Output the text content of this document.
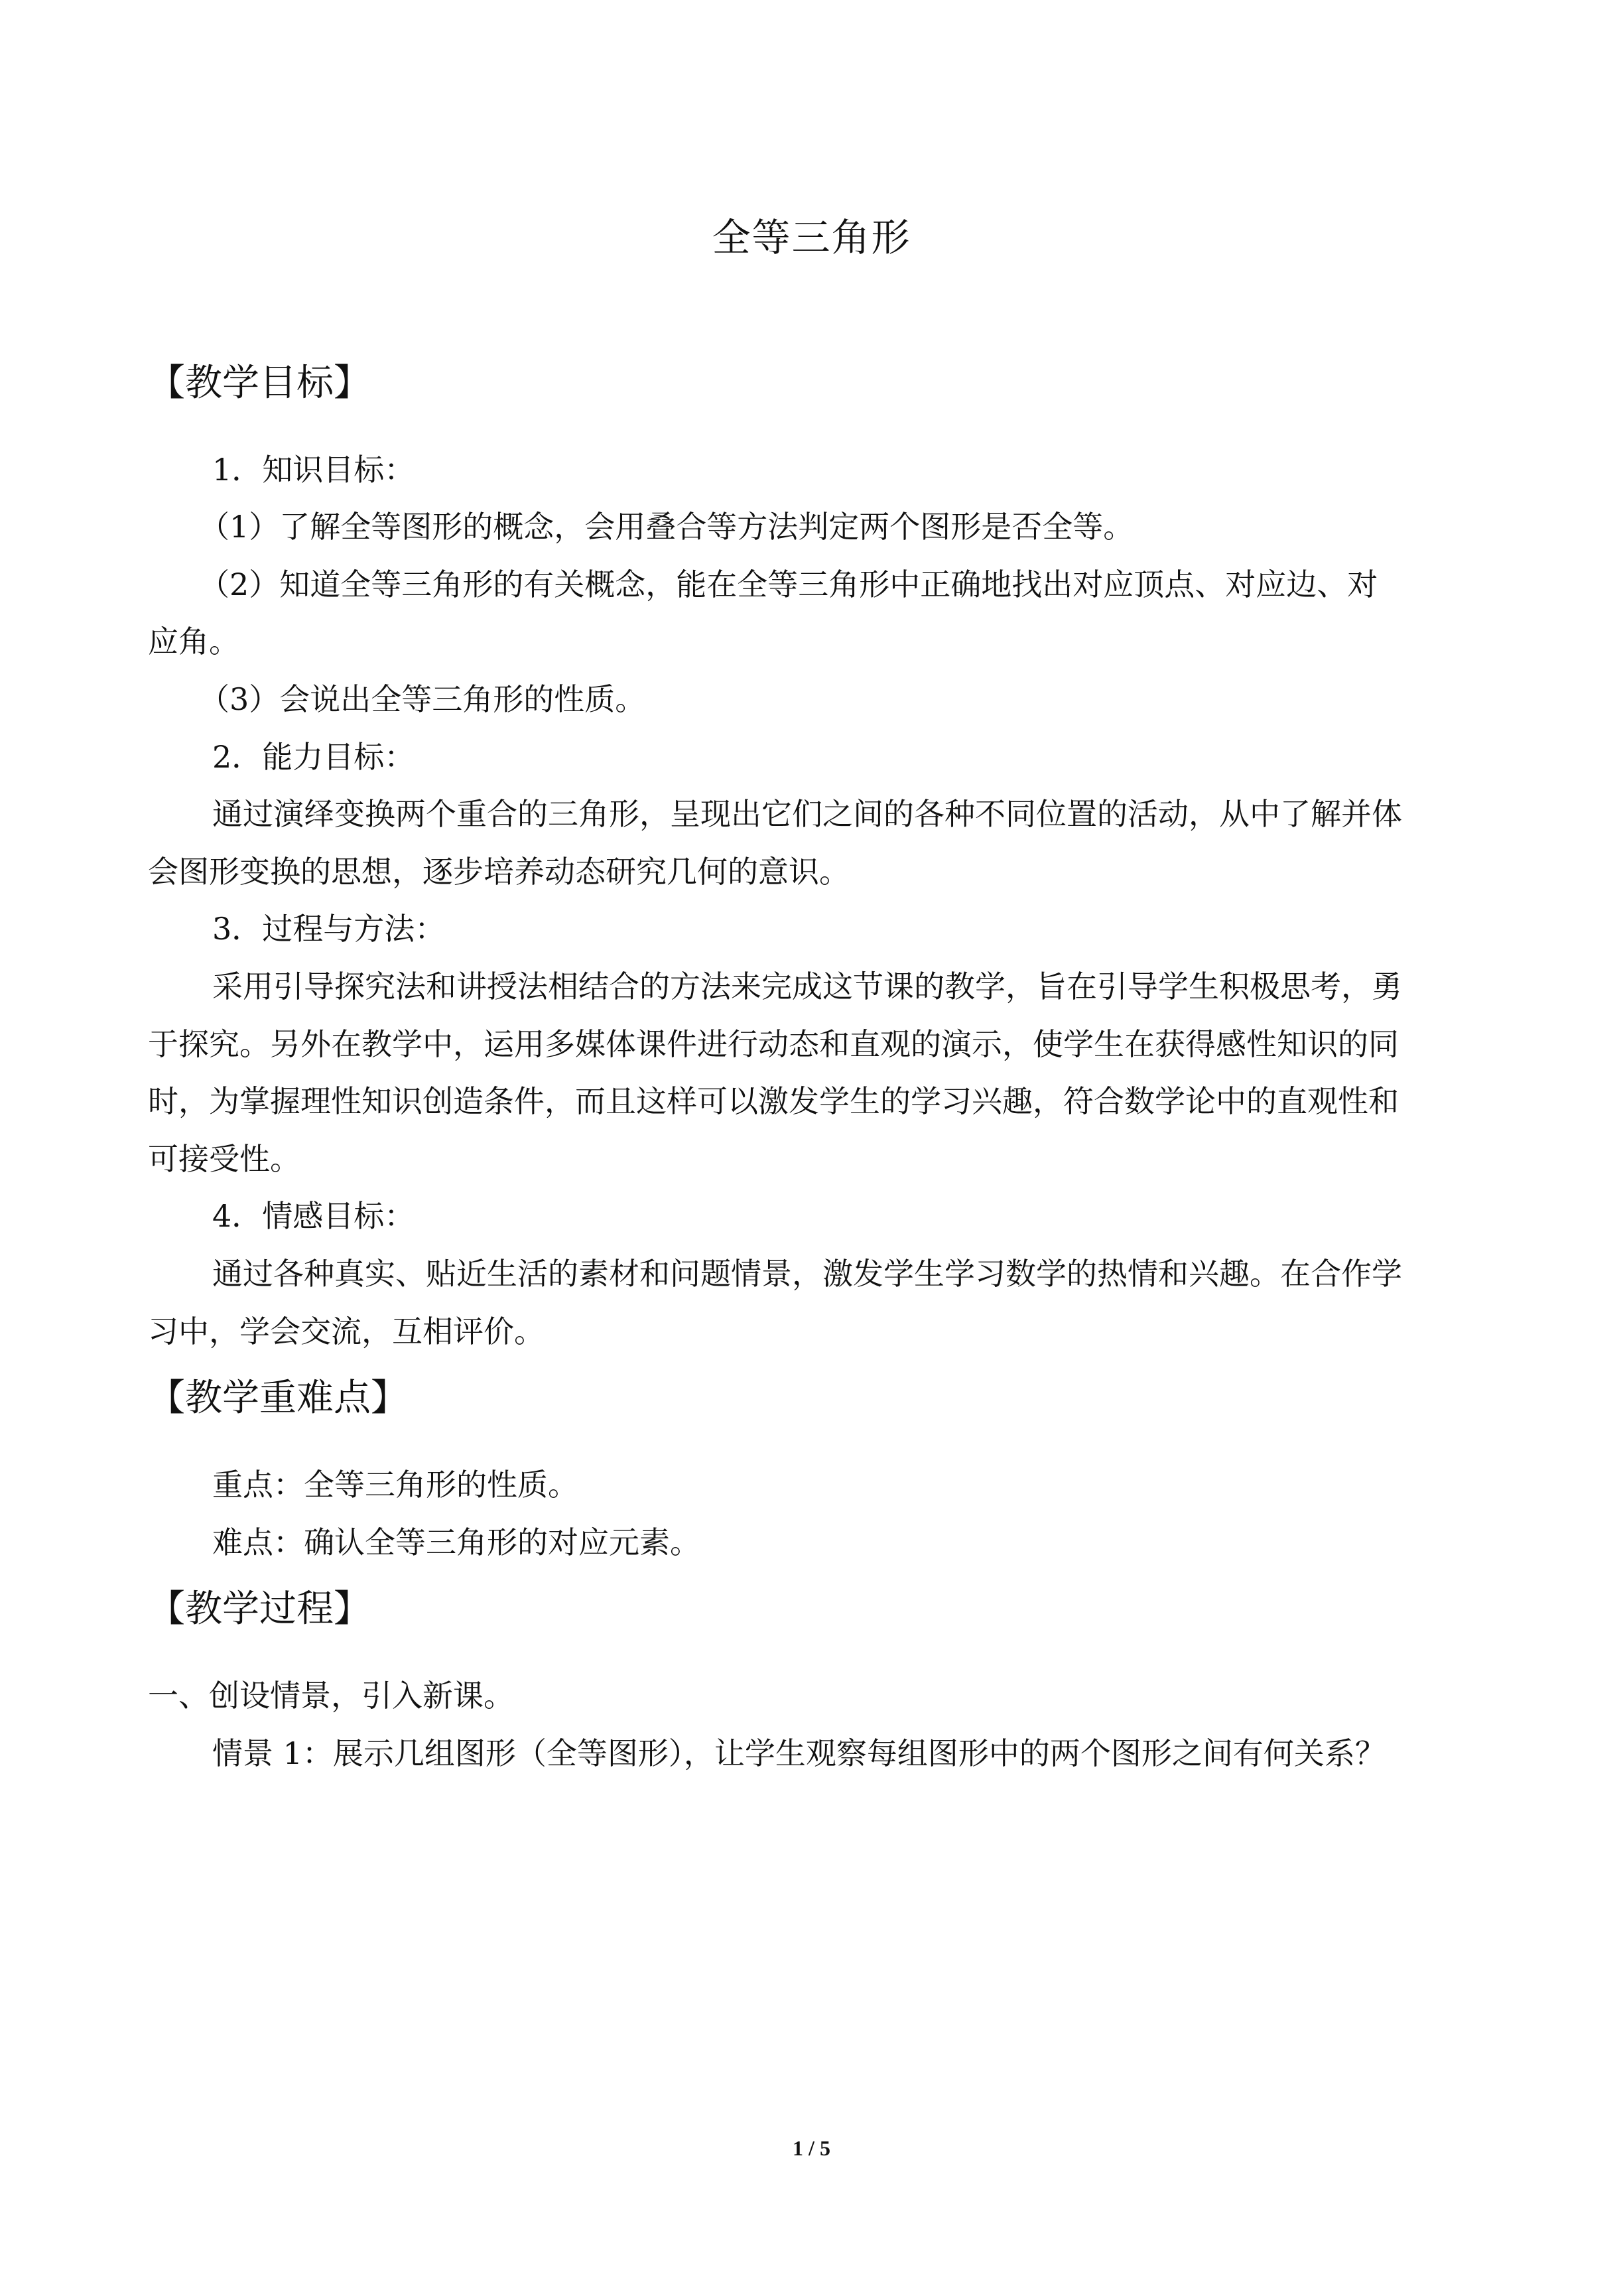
全等三角形
【教学目标】
1．知识目标：
（1）了解全等图形的概念，会用叠合等方法判定两个图形是否全等。
（2）知道全等三角形的有关概念，能在全等三角形中正确地找出对应顶点、对应边、对
应角。
（3）会说出全等三角形的性质。
2．能力目标：
通过演绎变换两个重合的三角形，呈现出它们之间的各种不同位置的活动，从中了解并体
会图形变换的思想，逐步培养动态研究几何的意识。
3．过程与方法：
采用引导探究法和讲授法相结合的方法来完成这节课的教学，旨在引导学生积极思考，勇
于探究。另外在教学中，运用多媒体课件进行动态和直观的演示，使学生在获得感性知识的同
时，为掌握理性知识创造条件，而且这样可以激发学生的学习兴趣，符合数学论中的直观性和
可接受性。
4．情感目标：
通过各种真实、贴近生活的素材和问题情景，激发学生学习数学的热情和兴趣。在合作学
习中，学会交流，互相评价。
【教学重难点】
重点：全等三角形的性质。
难点：确认全等三角形的对应元素。
【教学过程】
一、创设情景，引入新课。
情景 1：展示几组图形（全等图形），让学生观察每组图形中的两个图形之间有何关系？
1 / 5
